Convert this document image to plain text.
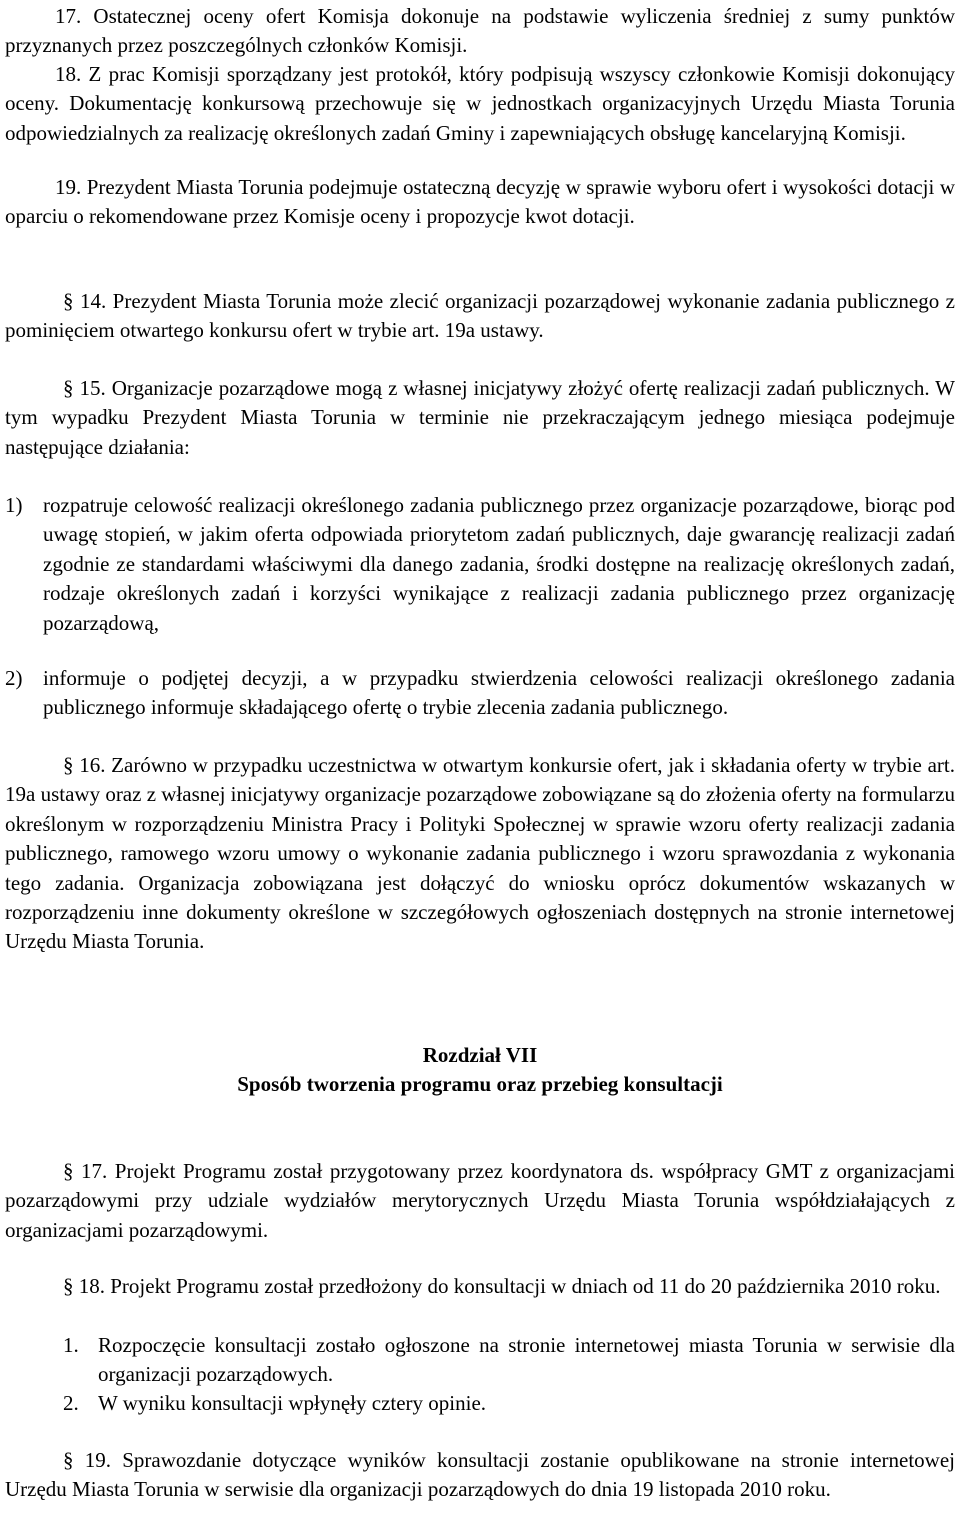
17. Ostatecznej oceny ofert Komisja dokonuje na podstawie wyliczenia średniej z sumy punktów przyznanych przez poszczególnych członków Komisji.
18. Z prac Komisji sporządzany jest protokół, który podpisują wszyscy członkowie Komisji dokonujący oceny. Dokumentację konkursową przechowuje się w jednostkach organizacyjnych Urzędu Miasta Torunia odpowiedzialnych za realizację określonych zadań Gminy i zapewniających obsługę kancelaryjną Komisji.
19. Prezydent Miasta Torunia podejmuje ostateczną decyzję w sprawie wyboru ofert i wysokości dotacji w oparciu o rekomendowane przez Komisje oceny i propozycje kwot dotacji.
§ 14. Prezydent Miasta Torunia może zlecić organizacji pozarządowej wykonanie zadania publicznego z pominięciem otwartego konkursu ofert w trybie art. 19a ustawy.
§ 15. Organizacje pozarządowe mogą z własnej inicjatywy złożyć ofertę realizacji zadań publicznych. W tym wypadku Prezydent Miasta Torunia w terminie nie przekraczającym jednego miesiąca podejmuje następujące działania:
1) rozpatruje celowość realizacji określonego zadania publicznego przez organizacje pozarządowe, biorąc pod uwagę stopień, w jakim oferta odpowiada priorytetom zadań publicznych, daje gwarancję realizacji zadań zgodnie ze standardami właściwymi dla danego zadania, środki dostępne na realizację określonych zadań, rodzaje określonych zadań i korzyści wynikające z realizacji zadania publicznego przez organizację pozarządową,
2) informuje o podjętej decyzji, a w przypadku stwierdzenia celowości realizacji określonego zadania publicznego informuje składającego ofertę o trybie zlecenia zadania publicznego.
§ 16. Zarówno w przypadku uczestnictwa w otwartym konkursie ofert, jak i składania oferty w trybie art. 19a ustawy oraz z własnej inicjatywy organizacje pozarządowe zobowiązane są do złożenia oferty na formularzu określonym w rozporządzeniu Ministra Pracy i Polityki Społecznej w sprawie wzoru oferty realizacji zadania publicznego, ramowego wzoru umowy o wykonanie zadania publicznego i wzoru sprawozdania z wykonania tego zadania. Organizacja zobowiązana jest dołączyć do wniosku oprócz dokumentów wskazanych w rozporządzeniu inne dokumenty określone w szczegółowych ogłoszeniach dostępnych na stronie internetowej Urzędu Miasta Torunia.
Rozdział VII
Sposób tworzenia programu oraz przebieg konsultacji
§ 17. Projekt Programu został przygotowany przez koordynatora ds. współpracy GMT z organizacjami pozarządowymi przy udziale wydziałów merytorycznych Urzędu Miasta Torunia współdziałających z organizacjami pozarządowymi.
§ 18. Projekt Programu został przedłożony do konsultacji w dniach od 11 do 20 października 2010 roku.
1. Rozpoczęcie konsultacji zostało ogłoszone na stronie internetowej miasta Torunia w serwisie dla organizacji pozarządowych.
2. W wyniku konsultacji wpłynęły cztery opinie.
§ 19. Sprawozdanie dotyczące wyników konsultacji zostanie opublikowane na stronie internetowej Urzędu Miasta Torunia w serwisie dla organizacji pozarządowych do dnia 19 listopada 2010 roku.
